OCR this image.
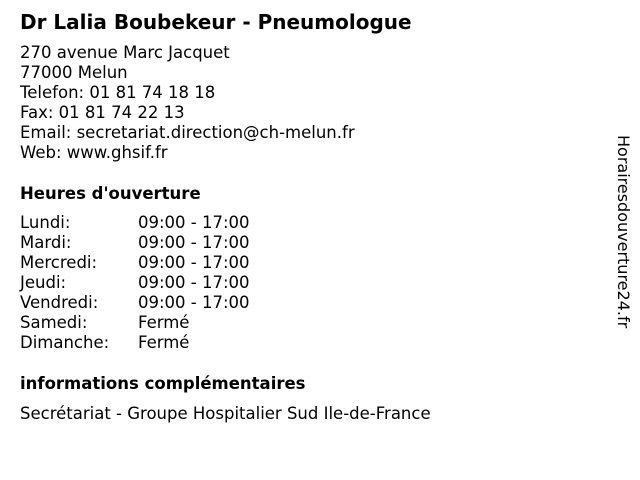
Dr Lalia Boubekeur - Pneumologue
270 avenue Marc Jacquet
77000 Melun
Telefon: 01 81 74 18 18
Fax: 01 81 74 22 13
Email: secretariat.direction@ch-melun.fr
Web: www.ghsif.fr
Heures d'ouverture
Lundi:	09:00 - 17:00
Mardi:	09:00 - 17:00
Mercredi: 09:00 - 17:00
Jeudi:	09:00 - 17:00
Vendredi: 09:00 - 17:00
Samedi:	Fermé
Dimanche: Fermé
informations complémentaires
Secrétariat - Groupe Hospitalier Sud Ile-de-France
Horairesdouverture24.fr
